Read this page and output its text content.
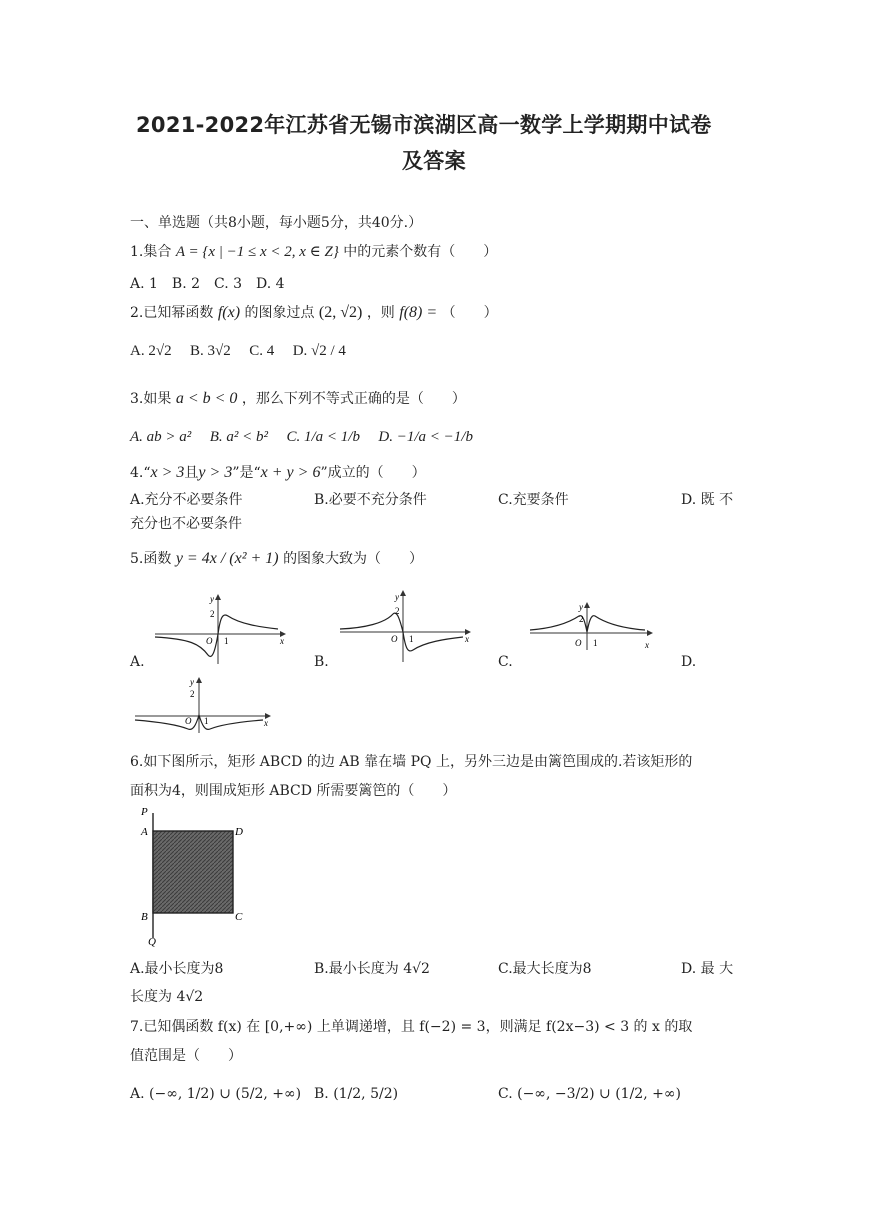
2021-2022年江苏省无锡市滨湖区高一数学上学期期中试卷
及答案
一、单选题（共8小题，每小题5分，共40分.）
1.集合 A = {x | −1 ≤ x < 2, x ∈ Z} 中的元素个数有（　　）
A. 1　B. 2　C. 3　D. 4
2.已知幂函数 f(x) 的图象过点 (2, √2) ，则 f(8) = （　　）
A. 2√2 B. 3√2 C. 4 D. √2 / 4
3.如果 a < b < 0 ，那么下列不等式正确的是（　　）
A. ab > a² B. a² < b² C. 1/a < 1/b D. −1/a < −1/b
4.“x > 3且y > 3”是“x + y > 6”成立的（　　）
A.充分不必要条件	B.必要不充分条件	C.充要条件	D. 既 不
充分也不必要条件
5.函数 y = 4x / (x² + 1) 的图象大致为（　　）
y
2
O 1	x
A.
y
2
O 1	x
B.
y
2
O 1	x
C.	D.
y
2
O 1	x
6.如下图所示，矩形 ABCD 的边 AB 靠在墙 PQ 上，另外三边是由篱笆围成的.若该矩形的
面积为4，则围成矩形 ABCD 所需要篱笆的（　　）
P
A	D
B	C
Q
A.最小长度为8	B.最小长度为 4√2	C.最大长度为8	D. 最 大
长度为 4√2
7.已知偶函数 f(x) 在 [0,+∞) 上单调递增，且 f(−2) = 3，则满足 f(2x−3) < 3 的 x 的取
值范围是（　　）
A. (−∞, 1/2) ∪ (5/2, +∞) B. (1/2, 5/2)	C. (−∞, −3/2) ∪ (1/2, +∞)
